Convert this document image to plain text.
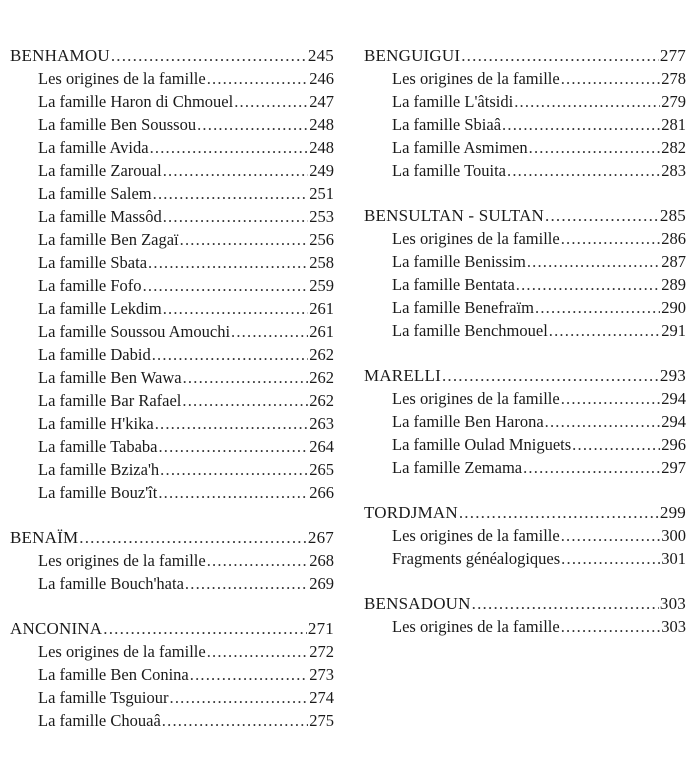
BENHAMOU .....	245
Les origines de la famille .....	246
La famille Haron di Chmouel .....	247
La famille Ben Soussou .....	248
La famille Avida .....	248
La famille Zaroual .....	249
La famille Salem .....	251
La famille Massôd .....	253
La famille Ben Zagaï .....	256
La famille Sbata .....	258
La famille Fofo .....	259
La famille Lekdim .....	261
La famille Soussou Amouchi .....	261
La famille Dabid .....	262
La famille Ben Wawa .....	262
La famille Bar Rafael .....	262
La famille H'kika .....	263
La famille Tababa .....	264
La famille Bziza'h .....	265
La famille Bouz'ît .....	266
BENAÏM .....	267
Les origines de la famille .....	268
La famille Bouch'hata .....	269
ANCONINA .....	271
Les origines de la famille .....	272
La famille Ben Conina .....	273
La famille Tsguiour .....	274
La famille Chouaâ .....	275
BENGUIGUI .....	277
Les origines de la famille .....	278
La famille L'âtsidi .....	279
La famille Sbiaâ .....	281
La famille Asmimen .....	282
La famille Touita .....	283
BENSULTAN - SULTAN .....	285
Les origines de la famille .....	286
La famille Benissim .....	287
La famille Bentata .....	289
La famille Benefraïm .....	290
La famille Benchmouel .....	291
MARELLI .....	293
Les origines de la famille .....	294
La famille Ben Harona .....	294
La famille Oulad Mniguets .....	296
La famille Zemama .....	297
TORDJMAN .....	299
Les origines de la famille .....	300
Fragments généalogiques .....	301
BENSADOUN .....	303
Les origines de la famille .....	303
